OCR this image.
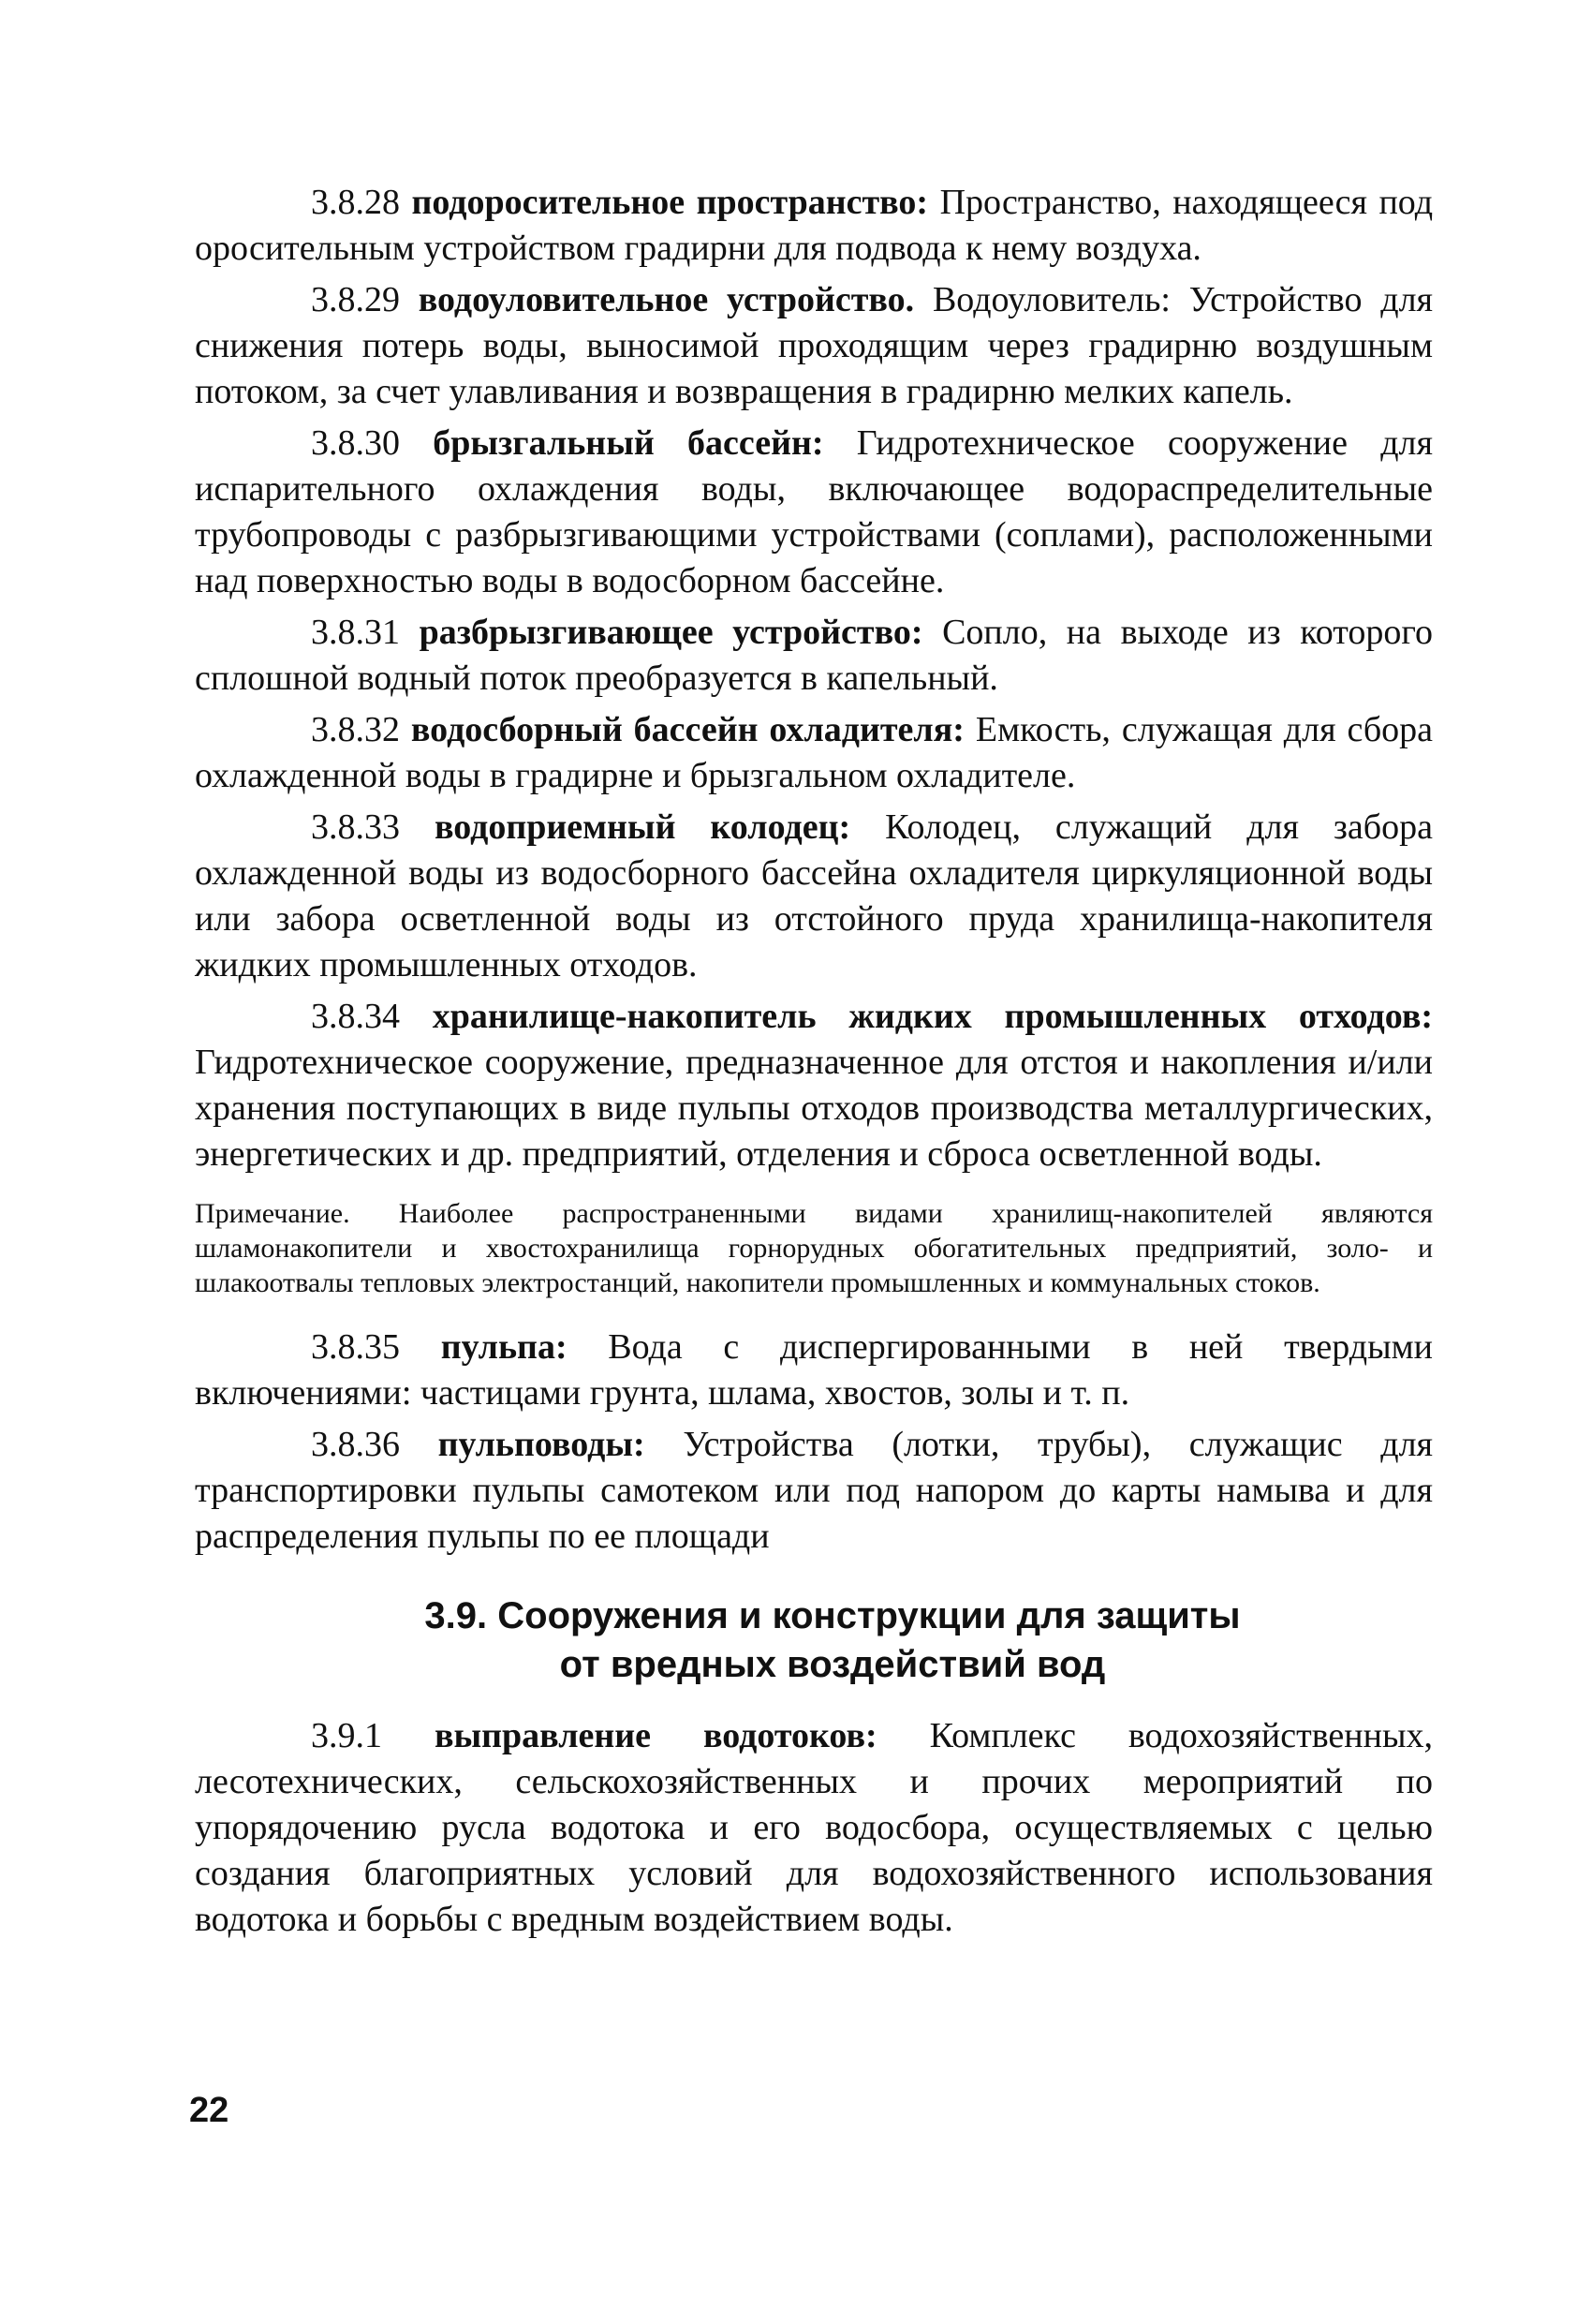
3.8.28 подоросительное пространство: Пространство, находящееся под оросительным устройством градирни для подвода к нему воздуха.

3.8.29 водоуловительное устройство. Водоуловитель: Устройство для снижения потерь воды, выносимой проходящим через градирню воздушным потоком, за счет улавливания и возвращения в градирню мелких капель.

3.8.30 брызгальный бассейн: Гидротехническое сооружение для испарительного охлаждения воды, включающее водораспределительные трубопроводы с разбрызгивающими устройствами (соплами), расположенными над поверхностью воды в водосборном бассейне.

3.8.31 разбрызгивающее устройство: Сопло, на выходе из которого сплошной водный поток преобразуется в капельный.

3.8.32 водосборный бассейн охладителя: Емкость, служащая для сбора охлажденной воды в градирне и брызгальном охладителе.

3.8.33 водоприемный колодец: Колодец, служащий для забора охлажденной воды из водосборного бассейна охладителя циркуляционной воды или забора осветленной воды из отстойного пруда хранилища-накопителя жидких промышленных отходов.

3.8.34 хранилище-накопитель жидких промышленных отходов: Гидротехническое сооружение, предназначенное для отстоя и накопления и/или хранения поступающих в виде пульпы отходов производства металлургических, энергетических и др. предприятий, отделения и сброса осветленной воды.

Примечание. Наиболее распространенными видами хранилищ-накопителей являются шламонакопители и хвостохранилища горнорудных обогатительных предприятий, золо- и шлакоотвалы тепловых электростанций, накопители промышленных и коммунальных стоков.

3.8.35 пульпа: Вода с диспергированными в ней твердыми включениями: частицами грунта, шлама, хвостов, золы и т. п.

3.8.36 пульповоды: Устройства (лотки, трубы), служащис для транспортировки пульпы самотеком или под напором до карты намыва и для распределения пульпы по ее площади

3.9. Сооружения и конструкции для защиты
от вредных воздействий вод

3.9.1 выправление водотоков: Комплекс водохозяйственных, лесотехнических, сельскохозяйственных и прочих мероприятий по упорядочению русла водотока и его водосбора, осуществляемых с целью создания благоприятных условий для водохозяйственного использования водотока и борьбы с вредным воздействием воды.

22
